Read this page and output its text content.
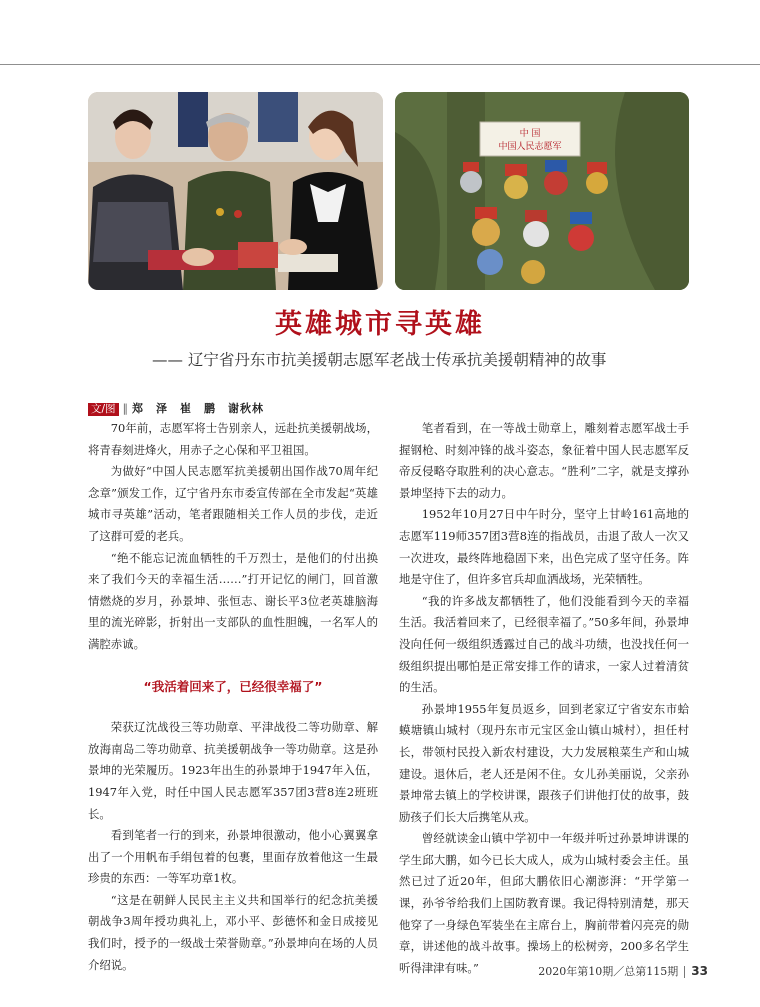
中 国
中国人民志愿军
英雄城市寻英雄
—— 辽宁省丹东市抗美援朝志愿军老战士传承抗美援朝精神的故事
文/图 ‖ 郑　泽　崔　鹏　谢秋林

70年前，志愿军将士告别亲人，远赴抗美援朝战场，将青春刻进烽火，用赤子之心保和平卫祖国。

为做好“中国人民志愿军抗美援朝出国作战70周年纪念章”颁发工作，辽宁省丹东市委宣传部在全市发起“英雄城市寻英雄”活动，笔者跟随相关工作人员的步伐，走近了这群可爱的老兵。

“绝不能忘记流血牺牲的千万烈士，是他们的付出换来了我们今天的幸福生活……”打开记忆的闸门，回首激情燃烧的岁月，孙景坤、张恒志、谢长平3位老英雄脑海里的流光碎影，折射出一支部队的血性胆魄，一名军人的满腔赤诚。

“我活着回来了，已经很幸福了”

荣获辽沈战役三等功勋章、平津战役二等功勋章、解放海南岛二等功勋章、抗美援朝战争一等功勋章。这是孙景坤的光荣履历。1923年出生的孙景坤于1947年入伍，1947年入党，时任中国人民志愿军357团3营8连2班班长。

看到笔者一行的到来，孙景坤很激动，他小心翼翼拿出了一个用帆布手绢包着的包裹，里面存放着他这一生最珍贵的东西：一等军功章1枚。

“这是在朝鲜人民民主主义共和国举行的纪念抗美援朝战争3周年授功典礼上，邓小平、彭德怀和金日成接见我们时，授予的一级战士荣誉勋章。”孙景坤向在场的人员介绍说。

笔者看到，在一等战士勋章上，雕刻着志愿军战士手握钢枪、时刻冲锋的战斗姿态，象征着中国人民志愿军反帝反侵略夺取胜利的决心意志。“胜利”二字，就是支撑孙景坤坚持下去的动力。

1952年10月27日中午时分，坚守上甘岭161高地的志愿军119师357团3营8连的指战员，击退了敌人一次又一次进攻，最终阵地稳固下来，出色完成了坚守任务。阵地是守住了，但许多官兵却血洒战场，光荣牺牲。

“我的许多战友都牺牲了，他们没能看到今天的幸福生活。我活着回来了，已经很幸福了。”50多年间，孙景坤没向任何一级组织透露过自己的战斗功绩，也没找任何一级组织提出哪怕是正常安排工作的请求，一家人过着清贫的生活。

孙景坤1955年复员返乡，回到老家辽宁省安东市蛤蟆塘镇山城村（现丹东市元宝区金山镇山城村），担任村长，带领村民投入新农村建设，大力发展粮菜生产和山城建设。退休后，老人还是闲不住。女儿孙美丽说，父亲孙景坤常去镇上的学校讲课，跟孩子们讲他打仗的故事，鼓励孩子们长大后携笔从戎。

曾经就读金山镇中学初中一年级并听过孙景坤讲课的学生邱大鹏，如今已长大成人，成为山城村委会主任。虽然已过了近20年，但邱大鹏依旧心潮澎湃：“开学第一课，孙爷爷给我们上国防教育课。我记得特别清楚，那天他穿了一身绿色军装坐在主席台上，胸前带着闪亮亮的勋章，讲述他的战斗故事。操场上的松树旁，200多名学生听得津津有味。”	2020年第10期／总第115期 33
